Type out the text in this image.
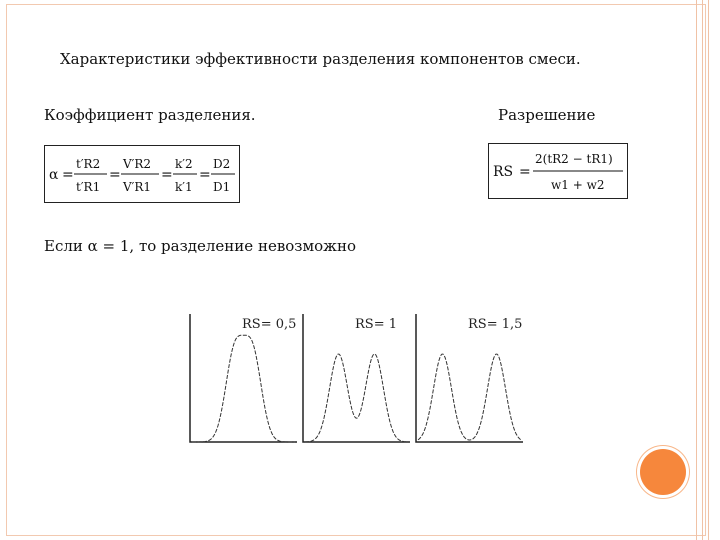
Характеристики эффективности разделения компонентов смеси.
Коэффициент разделения.	Разрешение
α =
t′R2
t′R1
=
V′R2
V′R1
=
k′2
k′1
=
D2
D1
RS =
2(tR2 − tR1)
w1 + w2
Если α = 1, то разделение невозможно
RS= 0,5	RS= 1	RS= 1,5
